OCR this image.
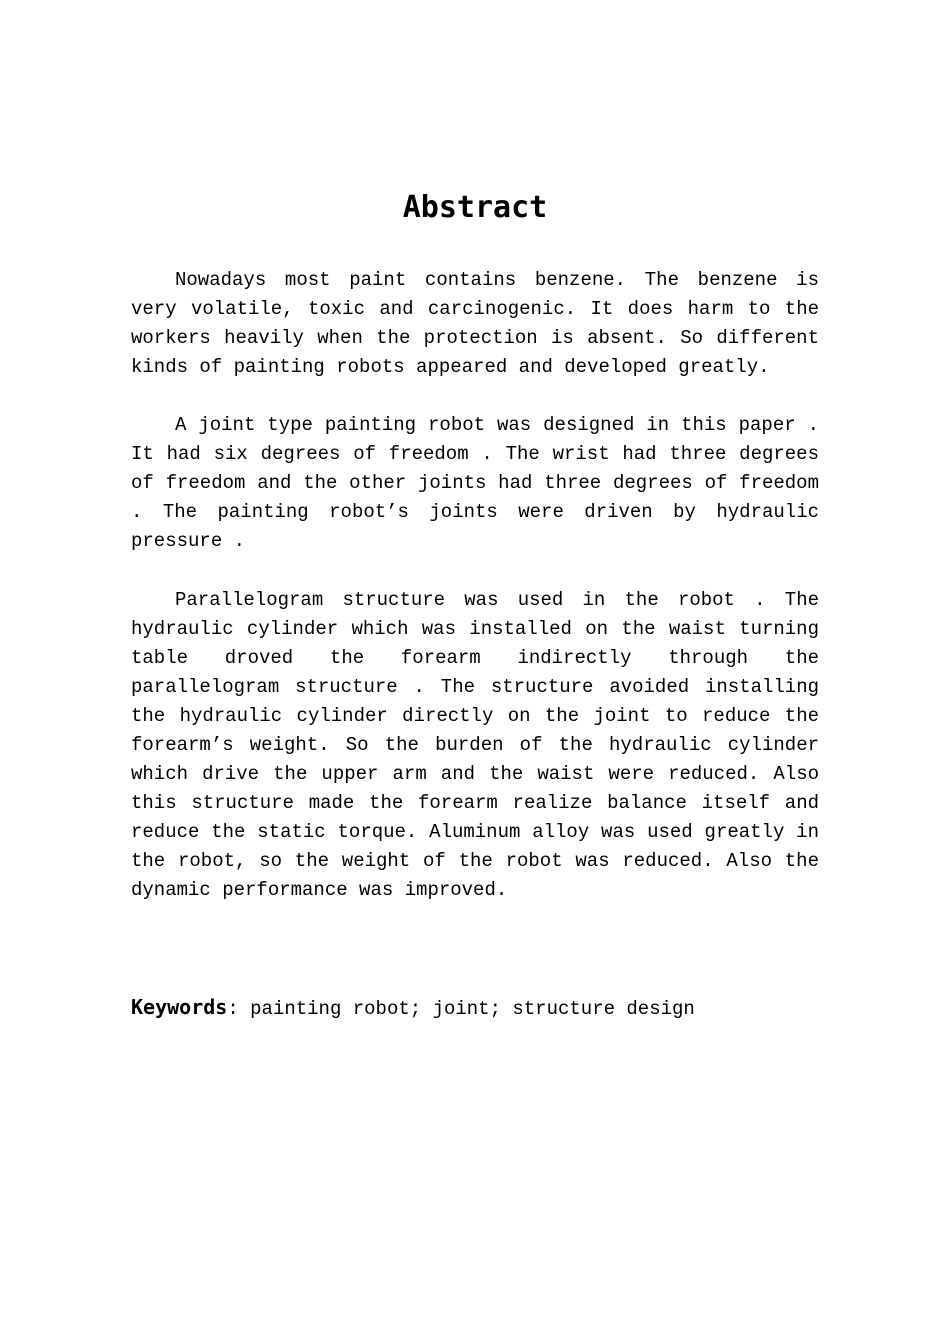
Abstract

Nowadays most paint contains benzene. The benzene is very volatile, toxic and carcinogenic. It does harm to the workers heavily when the protection is absent. So different kinds of painting robots appeared and developed greatly.

A joint type painting robot was designed in this paper . It had six degrees of freedom . The wrist had three degrees of freedom and the other joints had three degrees of freedom . The painting robot’s joints were driven by hydraulic pressure .

Parallelogram structure was used in the robot . The hydraulic cylinder which was installed on the waist turning table droved the forearm indirectly through the parallelogram structure . The structure avoided installing the hydraulic cylinder directly on the joint to reduce the forearm’s weight. So the burden of the hydraulic cylinder which drive the upper arm and the waist were reduced. Also this structure made the forearm realize balance itself and reduce the static torque. Aluminum alloy was used greatly in the robot, so the weight of the robot was reduced. Also the dynamic performance was improved.

Keywords: painting robot; joint; structure design
